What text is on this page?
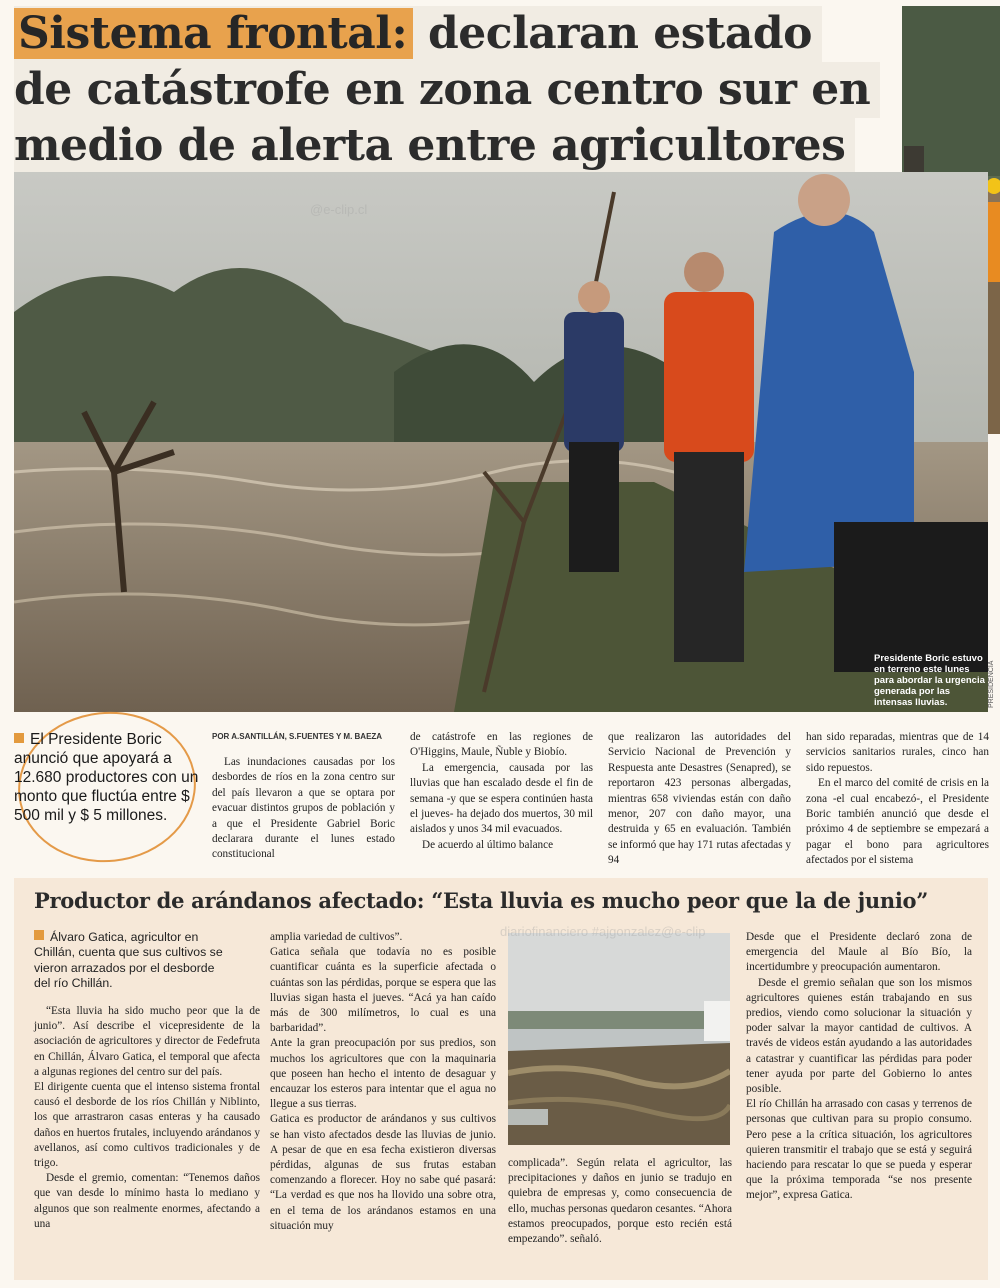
Sistema frontal: declaran estado
de catástrofe en zona centro sur en
medio de alerta entre agricultores
Presidente Boric estuvo en terreno este lunes para abordar la urgencia generada por las intensas lluvias.	PRESIDENCIA
El Presidente Boric anunció que apoyará a 12.680 productores con un monto que fluctúa entre $ 500 mil y $ 5 millones.
POR A.SANTILLÁN, S.FUENTES Y M. BAEZA

Las inundaciones causadas por los desbordes de ríos en la zona centro sur del país llevaron a que se optara por evacuar distintos grupos de población y a que el Presidente Gabriel Boric declarara durante el lunes estado constitucional

de catástrofe en las regiones de O'Higgins, Maule, Ñuble y Biobío.

La emergencia, causada por las lluvias que han escalado desde el fin de semana -y que se espera continúen hasta el jueves- ha dejado dos muertos, 30 mil aislados y unos 34 mil evacuados.

De acuerdo al último balance

que realizaron las autoridades del Servicio Nacional de Prevención y Respuesta ante Desastres (Senapred), se reportaron 423 personas albergadas, mientras 658 viviendas están con daño menor, 207 con daño mayor, una destruida y 65 en evaluación. También se informó que hay 171 rutas afectadas y 94

han sido reparadas, mientras que de 14 servicios sanitarios rurales, cinco han sido repuestos.

En el marco del comité de crisis en la zona -el cual encabezó-, el Presidente Boric también anunció que desde el próximo 4 de septiembre se empezará a pagar el bono para agricultores afectados por el sistema

Productor de arándanos afectado: “Esta lluvia es mucho peor que la de junio”
Álvaro Gatica, agricultor en Chillán, cuenta que sus cultivos se vieron arrazados por el desborde del río Chillán.

“Esta lluvia ha sido mucho peor que la de junio”. Así describe el vicepresidente de la asociación de agricultores y director de Fedefruta en Chillán, Álvaro Gatica, el temporal que afecta a algunas regiones del centro sur del país.

El dirigente cuenta que el intenso sistema frontal causó el desborde de los ríos Chillán y Niblinto, los que arrastraron casas enteras y ha causado daños en huertos frutales, incluyendo arándanos y avellanos, así como cultivos tradicionales y de trigo.

Desde el gremio, comentan: “Tenemos daños que van desde lo mínimo hasta lo mediano y algunos que son realmente enormes, afectando a una

amplia variedad de cultivos”.

Gatica señala que todavía no es posible cuantificar cuánta es la superficie afectada o cuántas son las pérdidas, porque se espera que las lluvias sigan hasta el jueves. “Acá ya han caído más de 300 milímetros, lo cual es una barbaridad”.

Ante la gran preocupación por sus predios, son muchos los agricultores que con la maquinaria que poseen han hecho el intento de desaguar y encauzar los esteros para intentar que el agua no llegue a sus tierras.

Gatica es productor de arándanos y sus cultivos se han visto afectados desde las lluvias de junio. A pesar de que en esa fecha existieron diversas pérdidas, algunas de sus frutas estaban comenzando a florecer. Hoy no sabe qué pasará: “La verdad es que nos ha llovido una sobre otra, en el tema de los arándanos estamos en una situación muy

complicada”. Según relata el agricultor, las precipitaciones y daños en junio se tradujo en quiebra de empresas y, como consecuencia de ello, muchas personas quedaron cesantes. “Ahora estamos preocupados, porque esto recién está empezando”. señaló.

Desde que el Presidente declaró zona de emergencia del Maule al Bío Bío, la incertidumbre y preocupación aumentaron.

Desde el gremio señalan que son los mismos agricultores quienes están trabajando en sus predios, viendo como solucionar la situación y poder salvar la mayor cantidad de cultivos. A través de videos están ayudando a las autoridades a catastrar y cuantificar las pérdidas para poder tener ayuda por parte del Gobierno lo antes posible.

El río Chillán ha arrasado con casas y terrenos de personas que cultivan para su propio consumo. Pero pese a la crítica situación, los agricultores quieren transmitir el trabajo que se está y seguirá haciendo para rescatar lo que se pueda y esperar que la próxima temporada “se nos presente mejor”, expresa Gatica.

@e-clip.cl
diariofinanciero #ajgonzalez@e-clip
